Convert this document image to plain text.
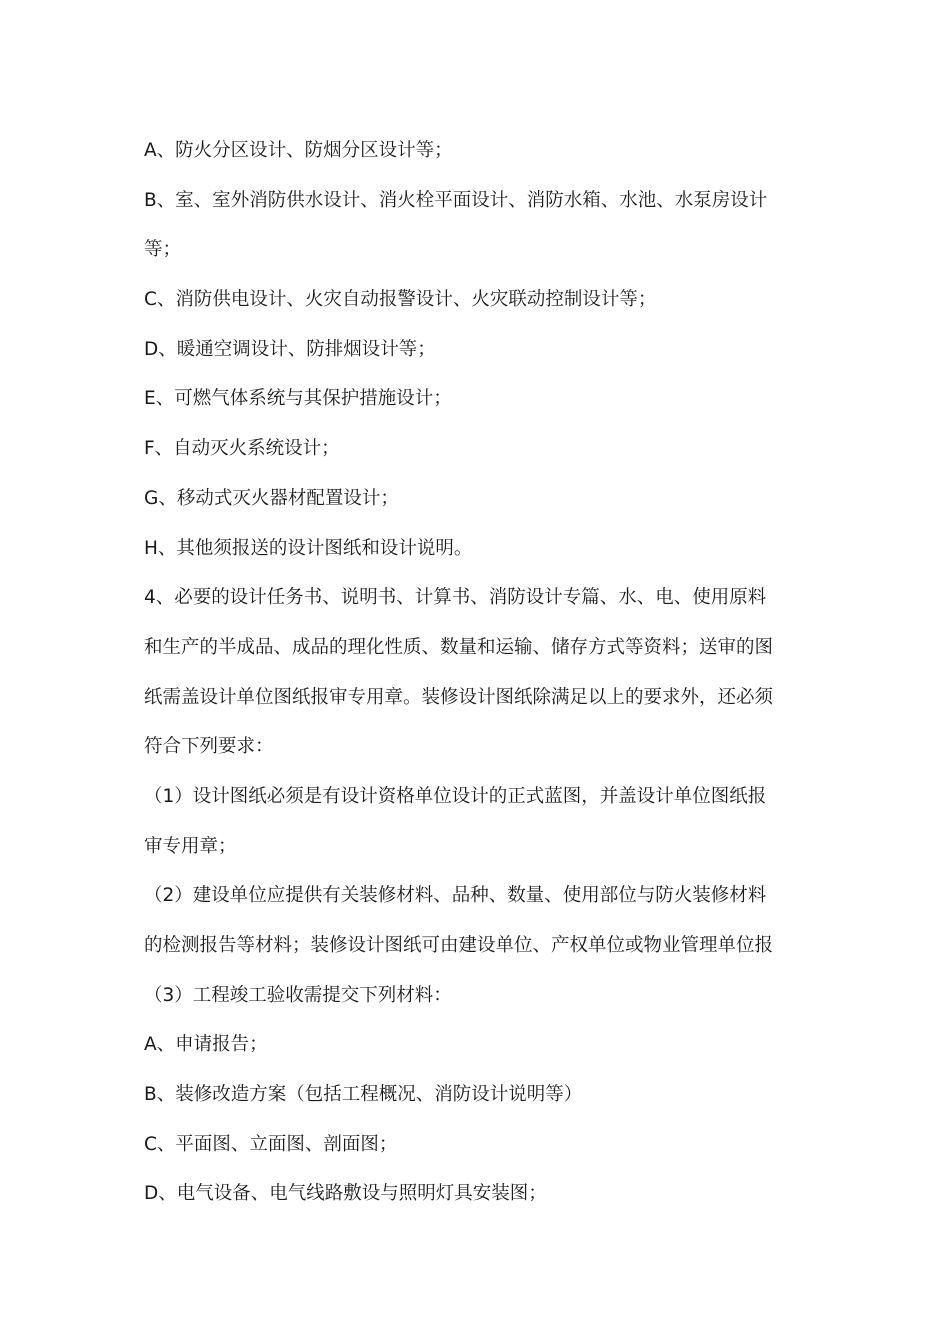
A、防火分区设计、防烟分区设计等；
B、室、室外消防供水设计、消火栓平面设计、消防水箱、水池、水泵房设计
等；
C、消防供电设计、火灾自动报警设计、火灾联动控制设计等；
D、暖通空调设计、防排烟设计等；
E、可燃气体系统与其保护措施设计；
F、自动灭火系统设计；
G、移动式灭火器材配置设计；
H、其他须报送的设计图纸和设计说明。
4、必要的设计任务书、说明书、计算书、消防设计专篇、水、电、使用原料
和生产的半成品、成品的理化性质、数量和运输、储存方式等资料；送审的图
纸需盖设计单位图纸报审专用章。装修设计图纸除满足以上的要求外，还必须
符合下列要求：
（1）设计图纸必须是有设计资格单位设计的正式蓝图，并盖设计单位图纸报
审专用章；
（2）建设单位应提供有关装修材料、品种、数量、使用部位与防火装修材料
的检测报告等材料；装修设计图纸可由建设单位、产权单位或物业管理单位报
（3）工程竣工验收需提交下列材料：
A、申请报告；
B、装修改造方案（包括工程概况、消防设计说明等）
C、平面图、立面图、剖面图；
D、电气设备、电气线路敷设与照明灯具安装图；
